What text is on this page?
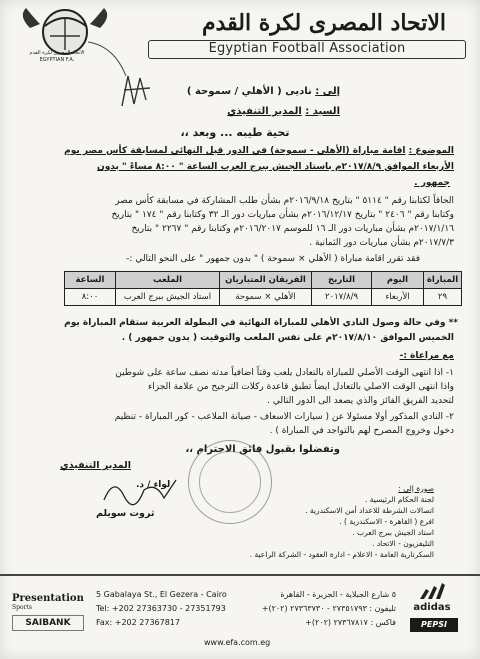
الاتحاد المصرى لكرة القدم
Egyptian Football Association
الاتحاد المصرى لكرة القدم
EGYPTIAN F.A.
إلى : ناديى ( الأهلي / سموحة )
السيد : المدير التنفيذي
تحية طيبه ... وبعد ،،
الموضوع : اقامة مباراة (الأهلي - سموحة) في الدور قبل النهائي لمسابقة كأس مصر يوم
الأربعاء الموافق ٢٠١٧/٨/٩م باستاد الجيش ببرج العرب الساعة " ٨:٠٠ مساءً " بدون
جمهور .
الحاقاً لكتابنا رقم " ٥١١٤ " بتاريخ ٢٠١٦/٩/١٨م بشأن طلب المشاركة في مسابقة كأس مصر
وكتابنا رقم " ٢٤٠٦ " بتاريخ ٢٠١٦/١٢/١٧م بشأن مباريات دور الـ ٣٢ وكتابنا رقم " ١٧٤ " بتاريخ
٢٠١٧/١/١٦م بشأن مباريات دور الـ ١٦ للموسم ٢٠١٦/٢٠١٧م وكتابنا رقم " ٢٢٦٧ " بتاريخ
٢٠١٧/٧/٣م بشأن مباريات دور الثمانية .
فقد تقرر اقامة مباراة ( الأهلي × سموحة ) " بدون جمهور " على النحو التالي :-
المباراة	اليوم	التاريخ	الفريقان المتباريان	الملعب	الساعة
٢٩	الأربعاء	٢٠١٧/٨/٩	الأهلي × سموحة	استاد الجيش ببرج العرب	٨:٠٠
** وفي حالة وصول النادي الأهلي للمباراة النهائية في البطولة العربية ستقام المباراة يوم
الخميس الموافق ٢٠١٧/٨/١٠م على نفس الملعب والتوقيت ( بدون جمهور ) .
مع مراعاة :-
١- اذا انتهى الوقت الأصلي للمباراة بالتعادل يلعب وقتاً اضافياً مدته نصف ساعة على شوطين
واذا انتهى الوقت الاصلي بالتعادل ايضاً تطبق قاعدة ركلات الترجيح من علامة الجزاء
لتحديد الفريق الفائز والذي يصعد الى الدور التالي .
٢- النادي المذكور أولا مسئولا عن ( سيارات الاسعاف - صيانة الملاعب - كور المباراة - تنظيم
دخول وخروج المصرح لهم بالتواجد في المباراة ) .
وتفضلوا بقبول فائق الاحترام ،،
المدير التنفيذي
لواء / د.
ثروت سويلم
صورة إلى :
لجنة الحكام الرئيسية .
اتصالات الشرطة للاعداد أمن الاسكندرية .
افرع ( القاهرة - الاسكندرية ) .
استاد الجيش ببرج العرب .
التليفزيون - الاتحاد .
السكرتارية العامة - الاعلام - ادارة العقود - الشركة الراعية .
Presentation
Sports
SAIBANK
5 Gabalaya St., El Gezera - Cairo
Tel: +202 27363730 - 27351793
Fax: +202 27367817
٥ شارع الجبلاية - الجزيرة - القاهرة
تليفون : ٢٧٣٥١٧٩٣ - ٢٧٣٦٣٧٣٠ (٢٠٢)+
فاكس : ٢٧٣٦٧٨١٧ (٢٠٢)+
www.efa.com.eg
adidas
PEPSI
